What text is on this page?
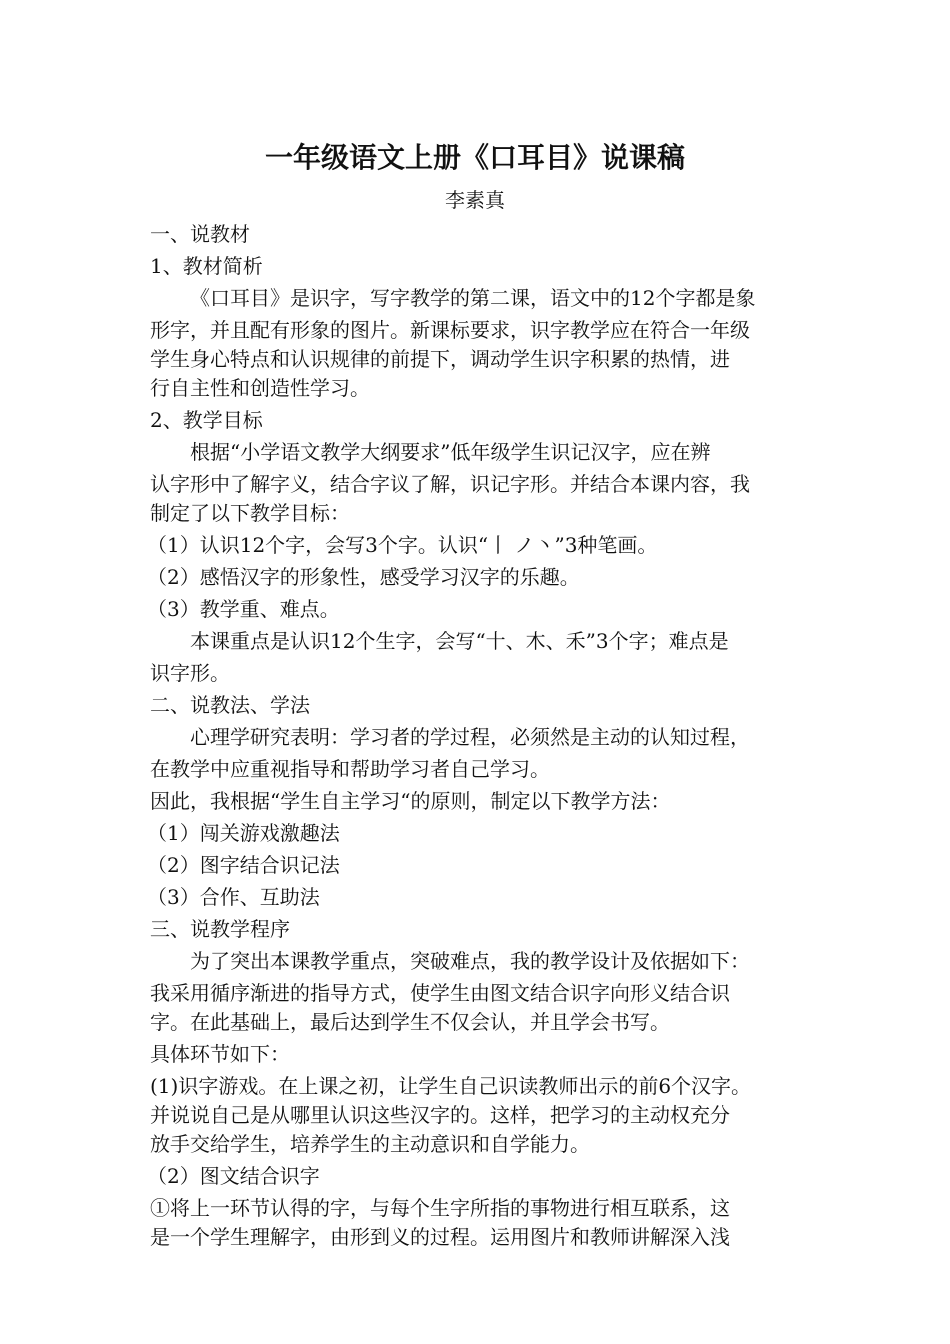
一年级语文上册《口耳目》说课稿
李素真

一、说教材

1、教材简析

《口耳目》是识字，写字教学的第二课，语文中的12个字都是象

形字，并且配有形象的图片。新课标要求，识字教学应在符合一年级

学生身心特点和认识规律的前提下，调动学生识字积累的热情，进

行自主性和创造性学习。

2、教学目标

根据“小学语文教学大纲要求”低年级学生识记汉字，应在辨

认字形中了解字义，结合字议了解，识记字形。并结合本课内容，我

制定了以下教学目标：

（1）认识12个字，会写3个字。认识“丨 ノ丶”3种笔画。

（2）感悟汉字的形象性，感受学习汉字的乐趣。

（3）教学重、难点。

本课重点是认识12个生字，会写“十、木、禾”3个字；难点是

识字形。

二、说教法、学法

心理学研究表明：学习者的学过程，必须然是主动的认知过程，

在教学中应重视指导和帮助学习者自己学习。

因此，我根据“学生自主学习“的原则，制定以下教学方法：

（1）闯关游戏激趣法

（2）图字结合识记法

（3）合作、互助法

三、说教学程序

为了突出本课教学重点，突破难点，我的教学设计及依据如下：

我采用循序渐进的指导方式，使学生由图文结合识字向形义结合识

字。在此基础上，最后达到学生不仅会认，并且学会书写。

具体环节如下：

(1)识字游戏。在上课之初，让学生自己识读教师出示的前6个汉字。

并说说自己是从哪里认识这些汉字的。这样，把学习的主动权充分

放手交给学生，培养学生的主动意识和自学能力。

（2）图文结合识字

①将上一环节认得的字，与每个生字所指的事物进行相互联系，这

是一个学生理解字，由形到义的过程。运用图片和教师讲解深入浅
